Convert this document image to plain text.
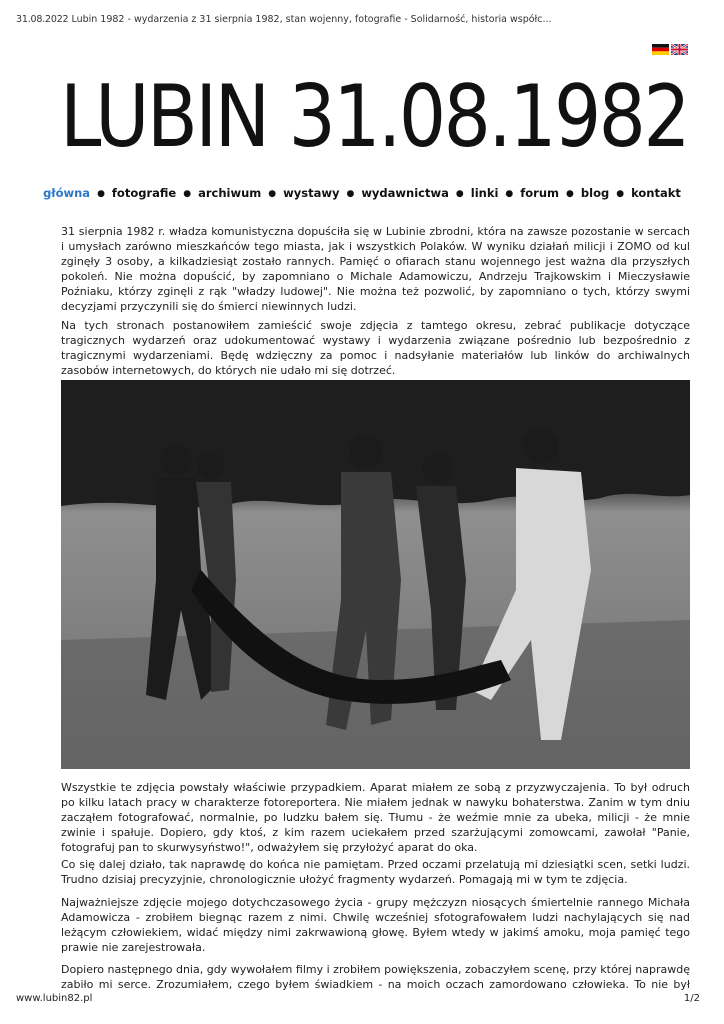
31.08.2022 Lubin 1982 - wydarzenia z 31 sierpnia 1982, stan wojenny, fotografie - Solidarność, historia współc...
LUBIN 31.08.1982
główna ● fotografie ● archiwum ● wystawy ● wydawnictwa ● linki ● forum ● blog ● kontakt

31 sierpnia 1982 r. władza komunistyczna dopuściła się w Lubinie zbrodni, która na zawsze pozostanie w sercach i umysłach zarówno mieszkańców tego miasta, jak i wszystkich Polaków. W wyniku działań milicji i ZOMO od kul zginęły 3 osoby, a kilkadziesiąt zostało rannych. Pamięć o ofiarach stanu wojennego jest ważna dla przyszłych pokoleń. Nie można dopuścić, by zapomniano o Michale Adamowiczu, Andrzeju Trajkowskim i Mieczysławie Poźniaku, którzy zginęli z rąk "władzy ludowej". Nie można też pozwolić, by zapomniano o tych, którzy swymi decyzjami przyczynili się do śmierci niewinnych ludzi.

Na tych stronach postanowiłem zamieścić swoje zdjęcia z tamtego okresu, zebrać publikacje dotyczące tragicznych wydarzeń oraz udokumentować wystawy i wydarzenia związane pośrednio lub bezpośrednio z tragicznymi wydarzeniami. Będę wdzięczny za pomoc i nadsyłanie materiałów lub linków do archiwalnych zasobów internetowych, do których nie udało mi się dotrzeć.

Wszystkie te zdjęcia powstały właściwie przypadkiem. Aparat miałem ze sobą z przyzwyczajenia. To był odruch po kilku latach pracy w charakterze fotoreportera. Nie miałem jednak w nawyku bohaterstwa. Zanim w tym dniu zacząłem fotografować, normalnie, po ludzku bałem się. Tłumu - że weźmie mnie za ubeka, milicji - że mnie zwinie i spałuje. Dopiero, gdy ktoś, z kim razem uciekałem przed szarżującymi zomowcami, zawołał "Panie, fotografuj pan to skurwysyństwo!", odważyłem się przyłożyć aparat do oka.

Co się dalej działo, tak naprawdę do końca nie pamiętam. Przed oczami przelatują mi dziesiątki scen, setki ludzi. Trudno dzisiaj precyzyjnie, chronologicznie ułożyć fragmenty wydarzeń. Pomagają mi w tym te zdjęcia.

Najważniejsze zdjęcie mojego dotychczasowego życia - grupy mężczyzn niosących śmiertelnie rannego Michała Adamowicza - zrobiłem biegnąc razem z nimi. Chwilę wcześniej sfotografowałem ludzi nachylających się nad leżącym człowiekiem, widać między nimi zakrwawioną głowę. Byłem wtedy w jakimś amoku, moja pamięć tego prawie nie zarejestrowała.

Dopiero następnego dnia, gdy wywołałem filmy i zrobiłem powiększenia, zobaczyłem scenę, przy której naprawdę zabiło mi serce. Zrozumiałem, czego byłem świadkiem - na moich oczach zamordowano człowieka. To nie był

www.lubin82.pl	1/2
